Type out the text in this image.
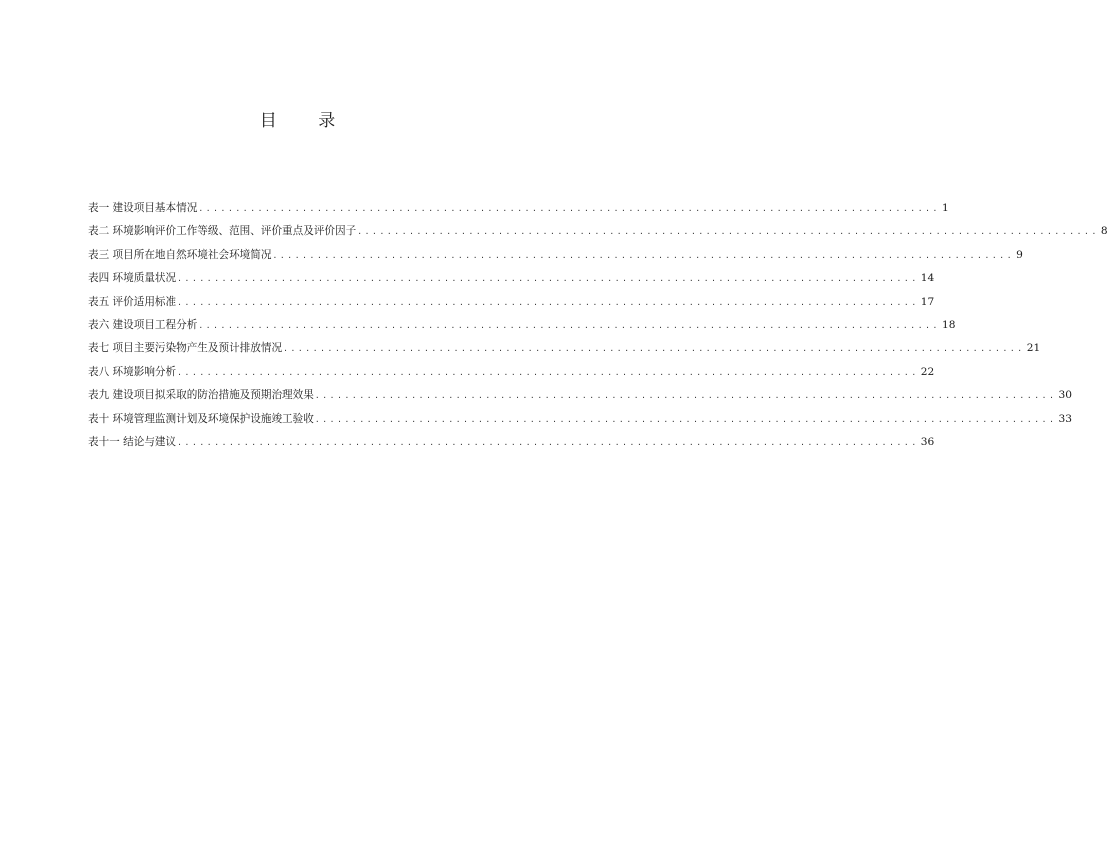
目 录
表一 建设项目基本情况 .................................................................................................... 1
表二 环境影响评价工作等级、范围、评价重点及评价因子 .................................................................................................... 8
表三 项目所在地自然环境社会环境简况 .................................................................................................... 9
表四 环境质量状况 .................................................................................................... 14
表五 评价适用标准 .................................................................................................... 17
表六 建设项目工程分析 .................................................................................................... 18
表七 项目主要污染物产生及预计排放情况 .................................................................................................... 21
表八 环境影响分析 .................................................................................................... 22
表九 建设项目拟采取的防治措施及预期治理效果 .................................................................................................... 30
表十 环境管理监测计划及环境保护设施竣工验收 .................................................................................................... 33
表十一 结论与建议 .................................................................................................... 36
